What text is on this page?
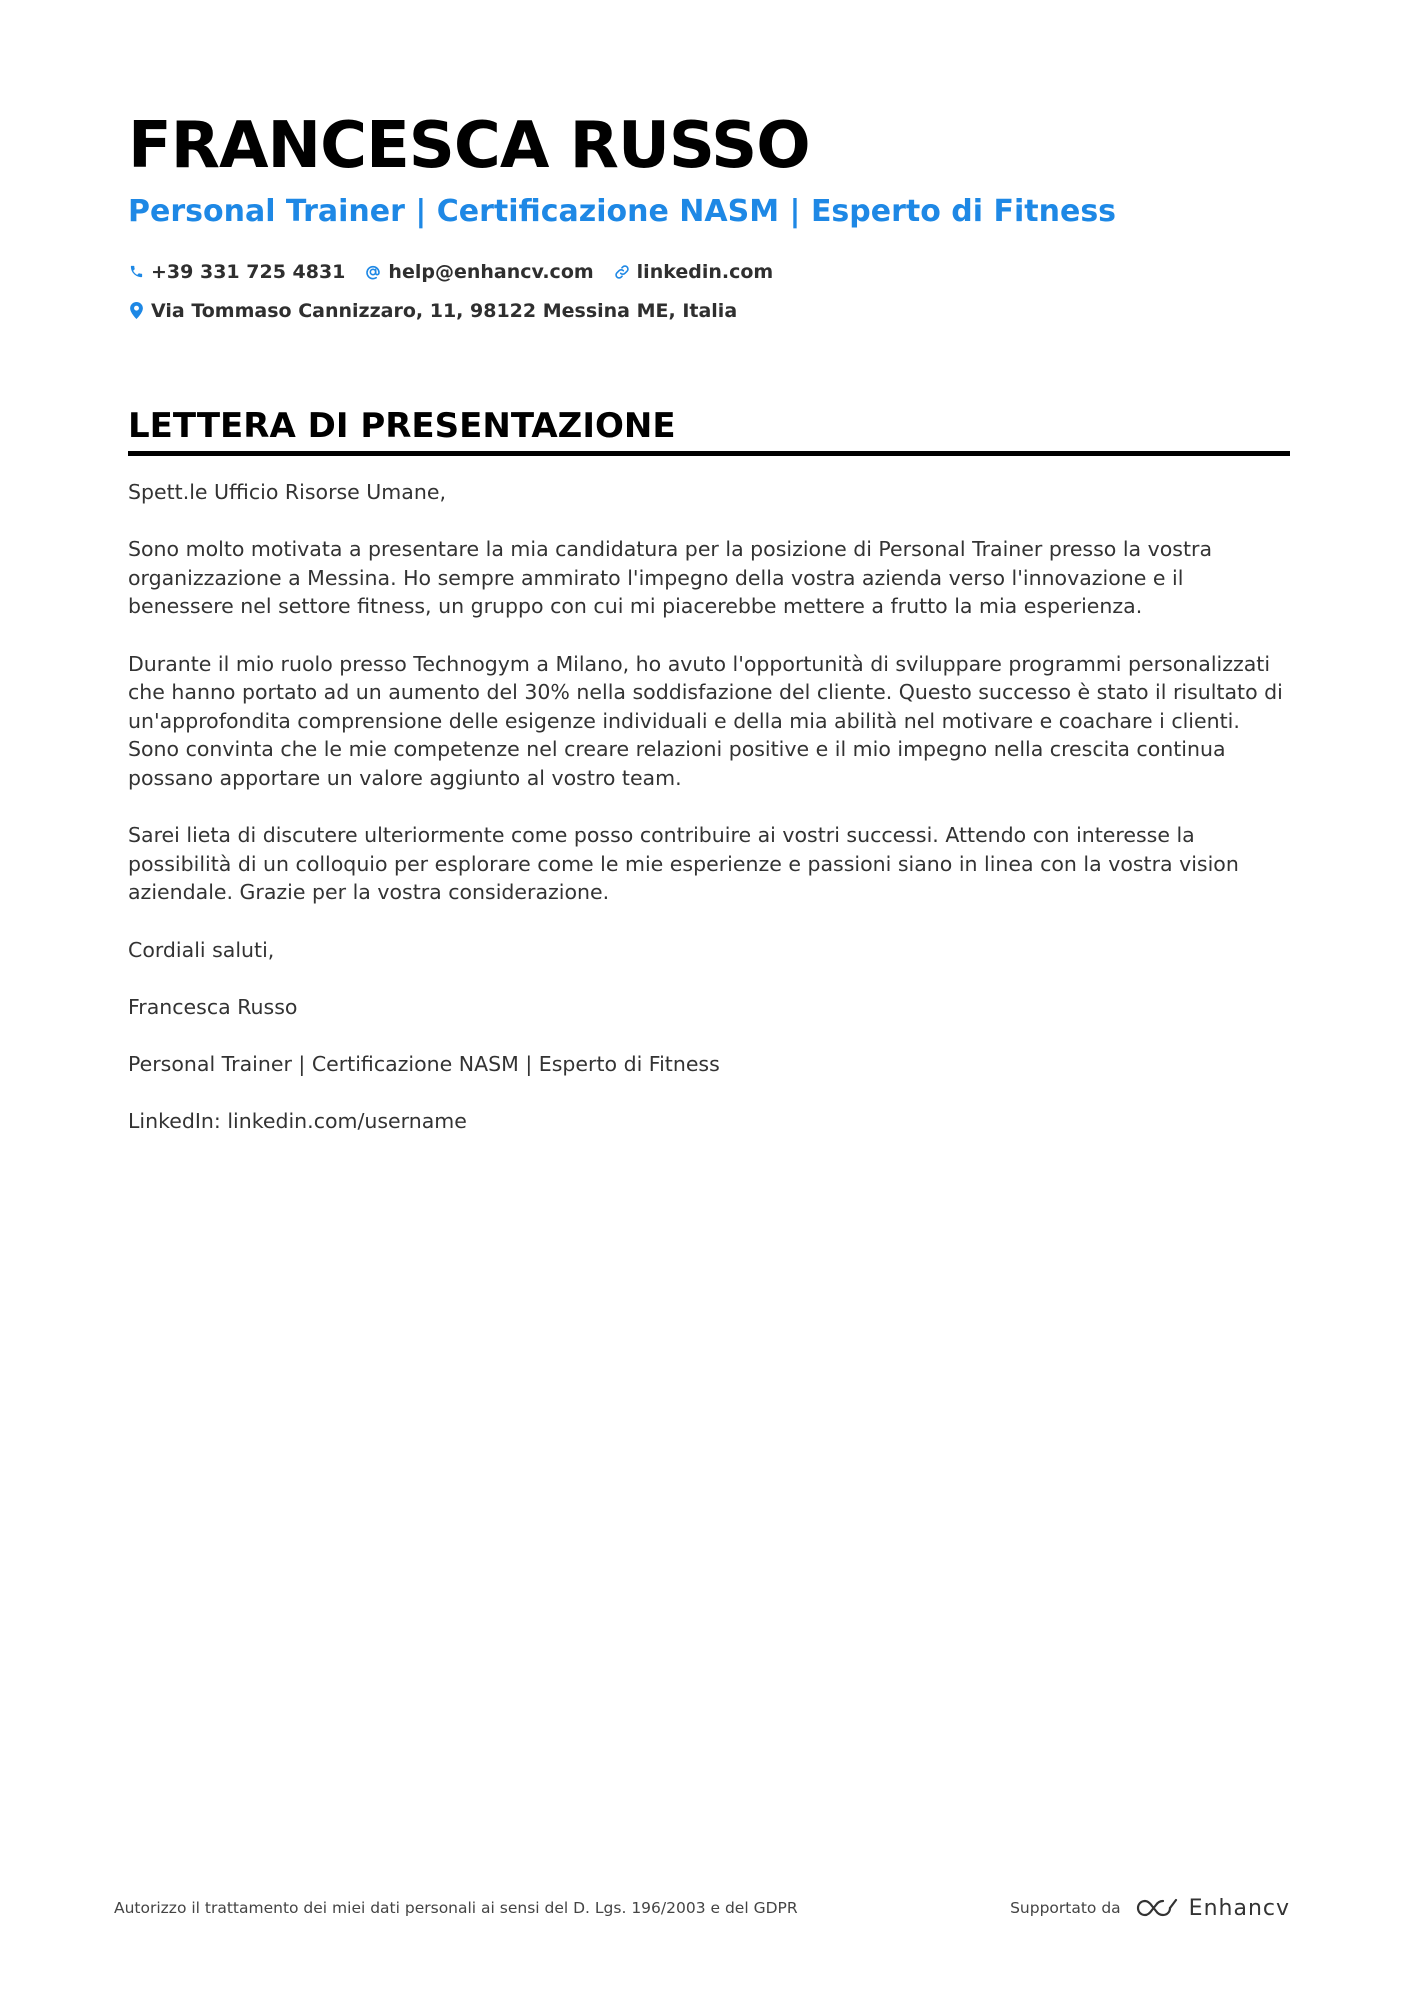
FRANCESCA RUSSO
Personal Trainer | Certificazione NASM | Esperto di Fitness
+39 331 725 4831 help@enhancv.com linkedin.com
Via Tommaso Cannizzaro, 11, 98122 Messina ME, Italia
LETTERA DI PRESENTAZIONE

Spett.le Ufficio Risorse Umane,

Sono molto motivata a presentare la mia candidatura per la posizione di Personal Trainer presso la vostra organizzazione a Messina. Ho sempre ammirato l'impegno della vostra azienda verso l'innovazione e il benessere nel settore fitness, un gruppo con cui mi piacerebbe mettere a frutto la mia esperienza.

Durante il mio ruolo presso Technogym a Milano, ho avuto l'opportunità di sviluppare programmi personalizzati che hanno portato ad un aumento del 30% nella soddisfazione del cliente. Questo successo è stato il risultato di un'approfondita comprensione delle esigenze individuali e della mia abilità nel motivare e coachare i clienti. Sono convinta che le mie competenze nel creare relazioni positive e il mio impegno nella crescita continua possano apportare un valore aggiunto al vostro team.

Sarei lieta di discutere ulteriormente come posso contribuire ai vostri successi. Attendo con interesse la possibilità di un colloquio per esplorare come le mie esperienze e passioni siano in linea con la vostra vision aziendale. Grazie per la vostra considerazione.

Cordiali saluti,

Francesca Russo

Personal Trainer | Certificazione NASM | Esperto di Fitness

LinkedIn: linkedin.com/username

Autorizzo il trattamento dei miei dati personali ai sensi del D. Lgs. 196/2003 e del GDPR	Supportato da	Enhancv
